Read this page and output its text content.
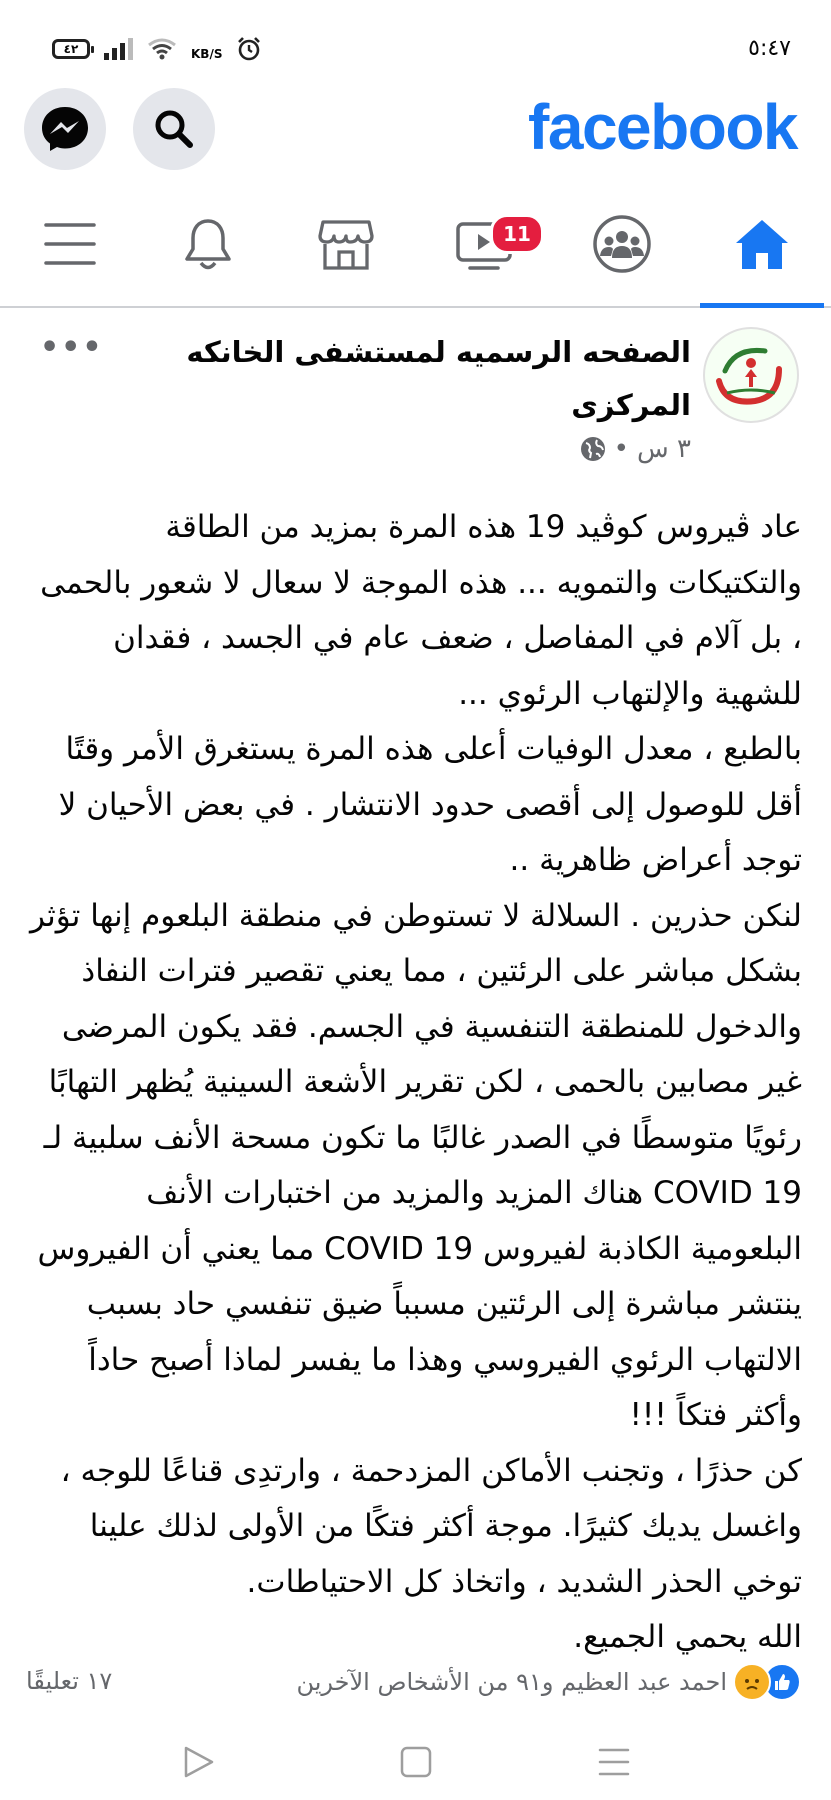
٤٢	KB/S	٥:٤٧
facebook
11
الصفحه الرسميه لمستشفى الخانكه المركزى
٣ س
•
•••

عاد ڤيروس كوڤيد 19 هذه المرة بمزيد من الطاقة والتكتيكات والتمويه ... هذه الموجة لا سعال لا شعور بالحمى ، بل آلام في المفاصل ، ضعف عام في الجسد ، فقدان للشهية والإلتهاب الرئوي ...

بالطبع ، معدل الوفيات أعلى هذه المرة يستغرق الأمر وقتًا أقل للوصول إلى أقصى حدود الانتشار . في بعض الأحيان لا توجد أعراض ظاهرية ..

لنكن حذرين . السلالة لا تستوطن في منطقة البلعوم إنها تؤثر بشكل مباشر على الرئتين ، مما يعني تقصير فترات النفاذ والدخول للمنطقة التنفسية في الجسم. فقد يكون المرضى غير مصابين بالحمى ، لكن تقرير الأشعة السينية يُظهر التهابًا رئويًا متوسطًا في الصدر غالبًا ما تكون مسحة الأنف سلبية لـ COVID 19 هناك المزيد والمزيد من اختبارات الأنف البلعومية الكاذبة لفيروس COVID 19 مما يعني أن الفيروس ينتشر مباشرة إلى الرئتين مسبباً ضيق تنفسي حاد بسبب الالتهاب الرئوي الفيروسي وهذا ما يفسر لماذا أصبح حاداً وأكثر فتكاً !!!

كن حذرًا ، وتجنب الأماكن المزدحمة ، وارتدِى قناعًا للوجه ، واغسل يديك كثيرًا. موجة أكثر فتكًا من الأولى لذلك علينا توخي الحذر الشديد ، واتخاذ كل الاحتياطات.

الله يحمي الجميع.

احمد عبد العظيم و٩١ من الأشخاص الآخرين
١٧ تعليقًا
